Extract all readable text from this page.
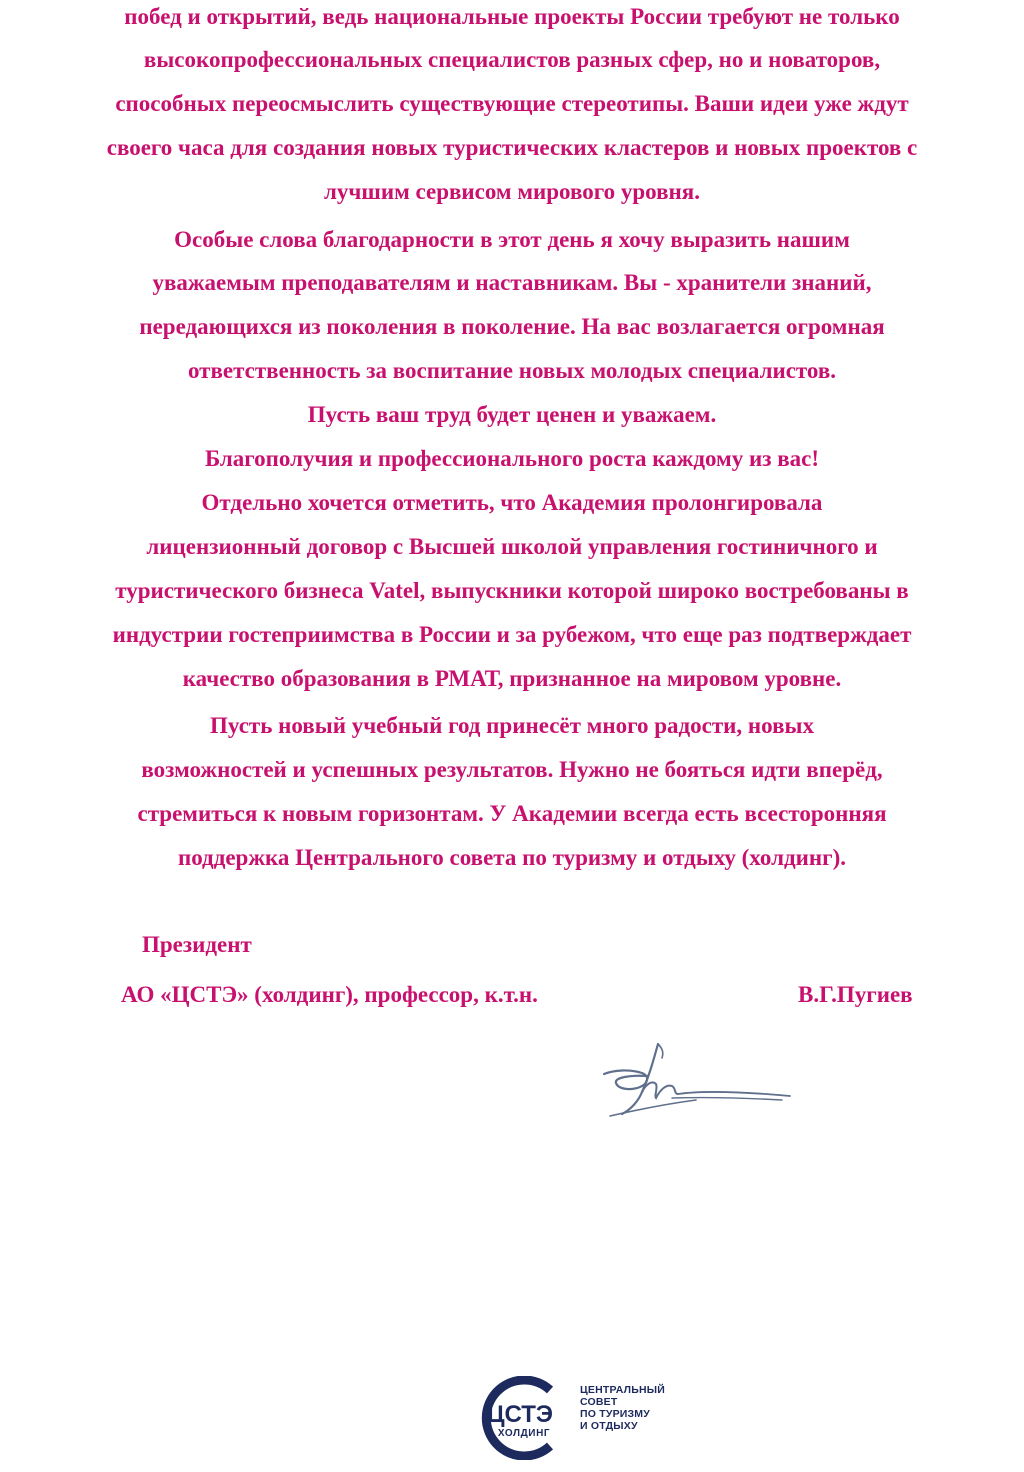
побед и открытий, ведь национальные проекты России требуют не только
высокопрофессиональных специалистов разных сфер, но и новаторов,
способных переосмыслить существующие стереотипы. Ваши идеи уже ждут
своего часа для создания новых туристических кластеров и новых проектов с
лучшим сервисом мирового уровня.
Особые слова благодарности в этот день я хочу выразить нашим
уважаемым преподавателям и наставникам. Вы - хранители знаний,
передающихся из поколения в поколение. На вас возлагается огромная
ответственность за воспитание новых молодых специалистов.
Пусть ваш труд будет ценен и уважаем.
Благополучия и профессионального роста каждому из вас!
Отдельно хочется отметить, что Академия пролонгировала
лицензионный договор с Высшей школой управления гостиничного и
туристического бизнеса Vatel, выпускники которой широко востребованы в
индустрии гостеприимства в России и за рубежом, что еще раз подтверждает
качество образования в РМАТ, признанное на мировом уровне.
Пусть новый учебный год принесёт много радости, новых
возможностей и успешных результатов. Нужно не бояться идти вперёд,
стремиться к новым горизонтам. У Академии всегда есть всесторонняя
поддержка Центрального совета по туризму и отдыху (холдинг).
Президент
АО «ЦСТЭ» (холдинг), профессор, к.т.н.	В.Г.Пугиев
ЦСТЭ
ХОЛДИНГ
ЦЕНТРАЛЬНЫЙ
СОВЕТ
ПО ТУРИЗМУ
И ОТДЫХУ
